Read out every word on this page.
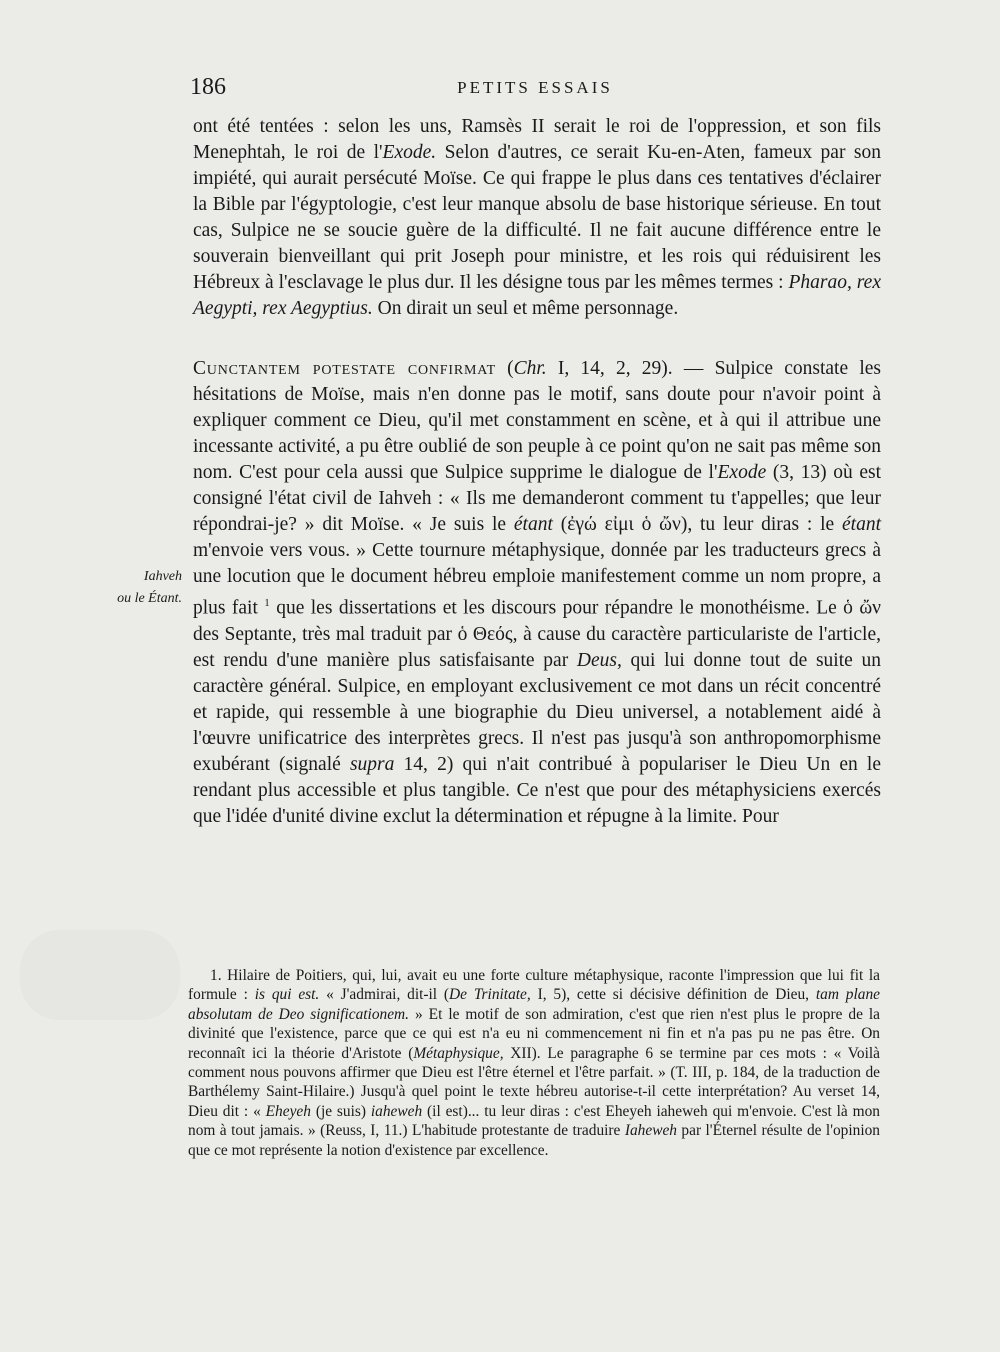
186	PETITS ESSAIS
Iahveh
ou le Étant.

ont été tentées : selon les uns, Ramsès II serait le roi de l'oppression, et son fils Menephtah, le roi de l'Exode. Selon d'autres, ce serait Ku-en-Aten, fameux par son impiété, qui aurait persécuté Moïse. Ce qui frappe le plus dans ces tentatives d'éclairer la Bible par l'égyptologie, c'est leur manque absolu de base historique sérieuse. En tout cas, Sulpice ne se soucie guère de la difficulté. Il ne fait aucune différence entre le souverain bienveillant qui prit Joseph pour ministre, et les rois qui réduisirent les Hébreux à l'esclavage le plus dur. Il les désigne tous par les mêmes termes : Pharao, rex Aegypti, rex Aegyptius. On dirait un seul et même personnage.

Cunctantem potestate confirmat (Chr. I, 14, 2, 29). — Sulpice constate les hésitations de Moïse, mais n'en donne pas le motif, sans doute pour n'avoir point à expliquer comment ce Dieu, qu'il met constamment en scène, et à qui il attribue une incessante activité, a pu être oublié de son peuple à ce point qu'on ne sait pas même son nom. C'est pour cela aussi que Sulpice supprime le dialogue de l'Exode (3, 13) où est consigné l'état civil de Iahveh : « Ils me demanderont comment tu t'appelles; que leur répondrai-je? » dit Moïse. « Je suis le étant (ἐγώ εἰμι ὁ ὤν), tu leur diras : le étant m'envoie vers vous. » Cette tournure métaphysique, donnée par les traducteurs grecs à une locution que le document hébreu emploie manifestement comme un nom propre, a plus fait $^1$ que les dissertations et les discours pour répandre le monothéisme. Le ὁ ὤν des Septante, très mal traduit par ὁ Θεός, à cause du caractère particulariste de l'article, est rendu d'une manière plus satisfaisante par Deus, qui lui donne tout de suite un caractère général. Sulpice, en employant exclusivement ce mot dans un récit concentré et rapide, qui ressemble à une biographie du Dieu universel, a notablement aidé à l'œuvre unificatrice des interprètes grecs. Il n'est pas jusqu'à son anthropomorphisme exubérant (signalé supra 14, 2) qui n'ait contribué à populariser le Dieu Un en le rendant plus accessible et plus tangible. Ce n'est que pour des métaphysiciens exercés que l'idée d'unité divine exclut la détermination et répugne à la limite. Pour

1. Hilaire de Poitiers, qui, lui, avait eu une forte culture métaphysique, raconte l'impression que lui fit la formule : is qui est. « J'admirai, dit-il (De Trinitate, I, 5), cette si décisive définition de Dieu, tam plane absolutam de Deo significationem. » Et le motif de son admiration, c'est que rien n'est plus le propre de la divinité que l'existence, parce que ce qui est n'a eu ni commencement ni fin et n'a pas pu ne pas être. On reconnaît ici la théorie d'Aristote (Métaphysique, XII). Le paragraphe 6 se termine par ces mots : « Voilà comment nous pouvons affirmer que Dieu est l'être éternel et l'être parfait. » (T. III, p. 184, de la traduction de Barthélemy Saint-Hilaire.) Jusqu'à quel point le texte hébreu autorise-t-il cette interprétation? Au verset 14, Dieu dit : « Eheyeh (je suis) iaheweh (il est)... tu leur diras : c'est Eheyeh iaheweh qui m'envoie. C'est là mon nom à tout jamais. » (Reuss, I, 11.) L'habitude protestante de traduire Iaheweh par l'Éternel résulte de l'opinion que ce mot représente la notion d'existence par excellence.
